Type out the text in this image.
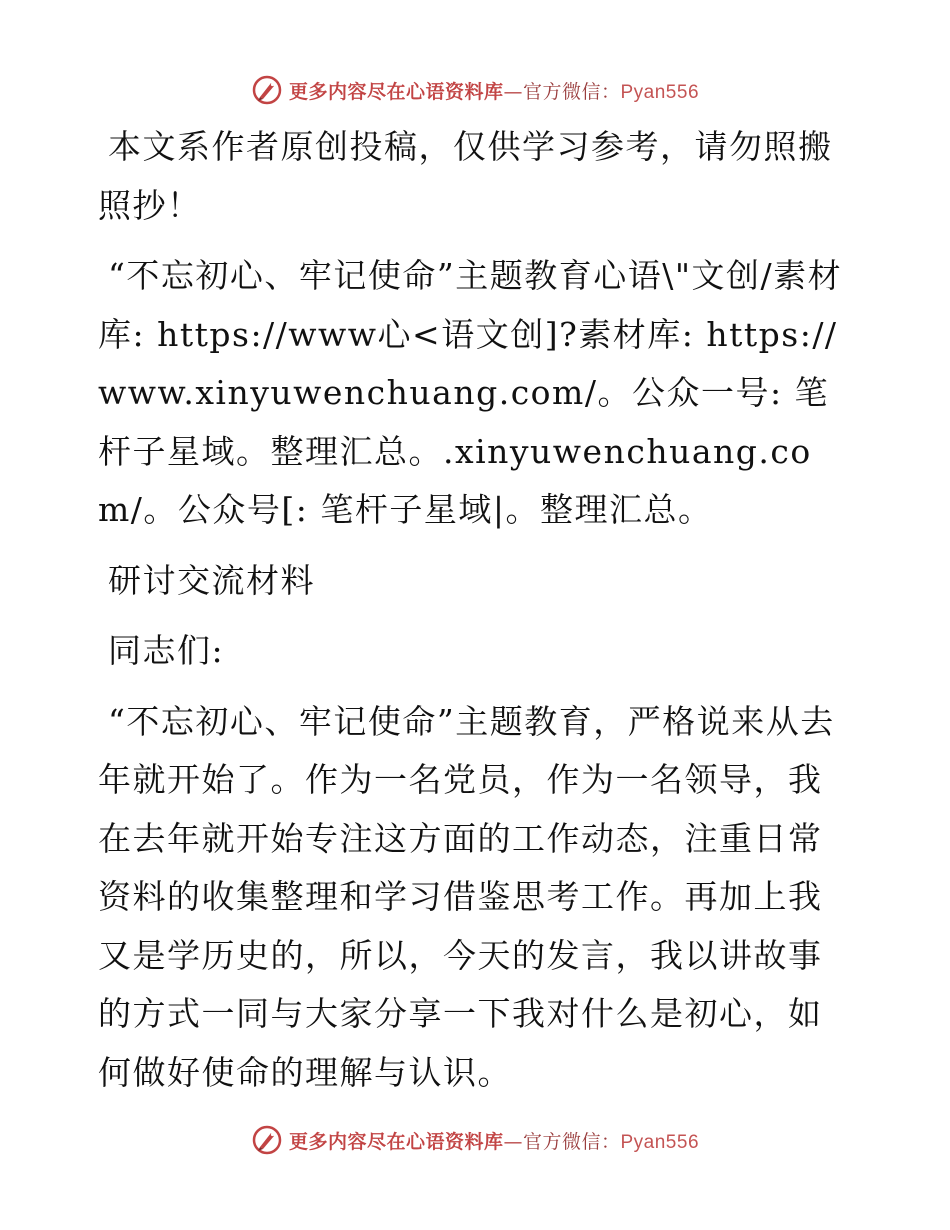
更多内容尽在心语资料库—官方微信：Pyan556

本文系作者原创投稿，仅供学习参考，请勿照搬照抄！

“不忘初心、牢记使命”主题教育心语\"文创/素材库: https://www心<语文创]?素材库: https://www.xinyuwenchuang.com/。公众一号: 笔杆子星域。整理汇总。.xinyuwenchuang.com/。公众号[: 笔杆子星域|。整理汇总。

研讨交流材料

同志们:

“不忘初心、牢记使命”主题教育，严格说来从去年就开始了。作为一名党员，作为一名领导，我在去年就开始专注这方面的工作动态，注重日常资料的收集整理和学习借鉴思考工作。再加上我又是学历史的，所以，今天的发言，我以讲故事的方式一同与大家分享一下我对什么是初心，如何做好使命的理解与认识。

更多内容尽在心语资料库—官方微信：Pyan556
